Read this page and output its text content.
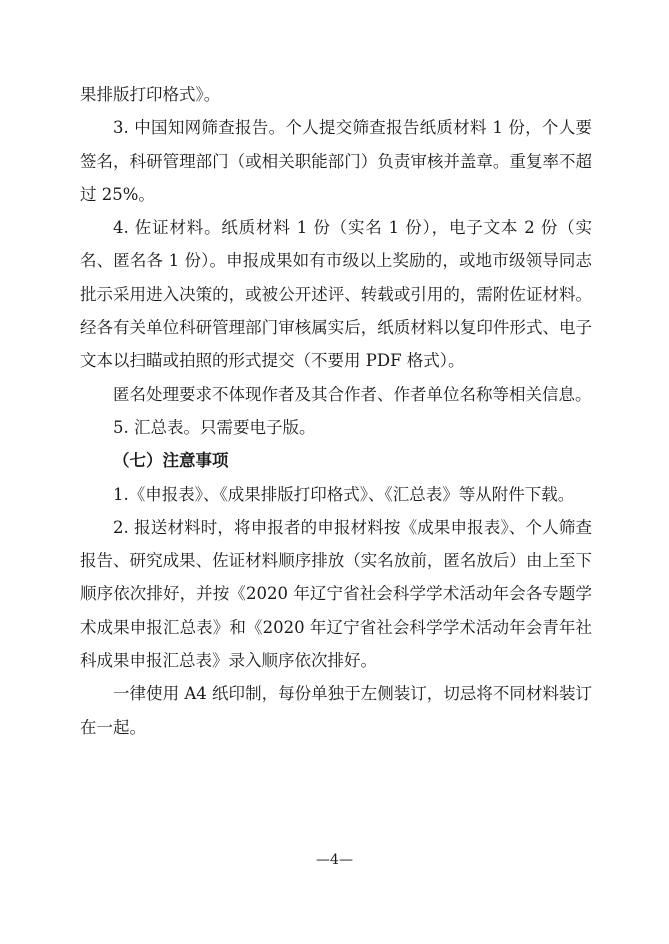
果排版打印格式》。

3. 中国知网筛查报告。个人提交筛查报告纸质材料 1 份，个人要签名，科研管理部门（或相关职能部门）负责审核并盖章。重复率不超过 25%。

4. 佐证材料。纸质材料 1 份（实名 1 份），电子文本 2 份（实名、匿名各 1 份）。申报成果如有市级以上奖励的，或地市级领导同志批示采用进入决策的，或被公开述评、转载或引用的，需附佐证材料。经各有关单位科研管理部门审核属实后，纸质材料以复印件形式、电子文本以扫瞄或拍照的形式提交（不要用 PDF 格式）。

匿名处理要求不体现作者及其合作者、作者单位名称等相关信息。

5. 汇总表。只需要电子版。

（七）注意事项

1.《申报表》、《成果排版打印格式》、《汇总表》等从附件下载。

2. 报送材料时，将申报者的申报材料按《成果申报表》、个人筛查报告、研究成果、佐证材料顺序排放（实名放前，匿名放后）由上至下顺序依次排好，并按《2020 年辽宁省社会科学学术活动年会各专题学术成果申报汇总表》和《2020 年辽宁省社会科学学术活动年会青年社科成果申报汇总表》录入顺序依次排好。

一律使用 A4 纸印制，每份单独于左侧装订，切忌将不同材料装订在一起。

—4—
